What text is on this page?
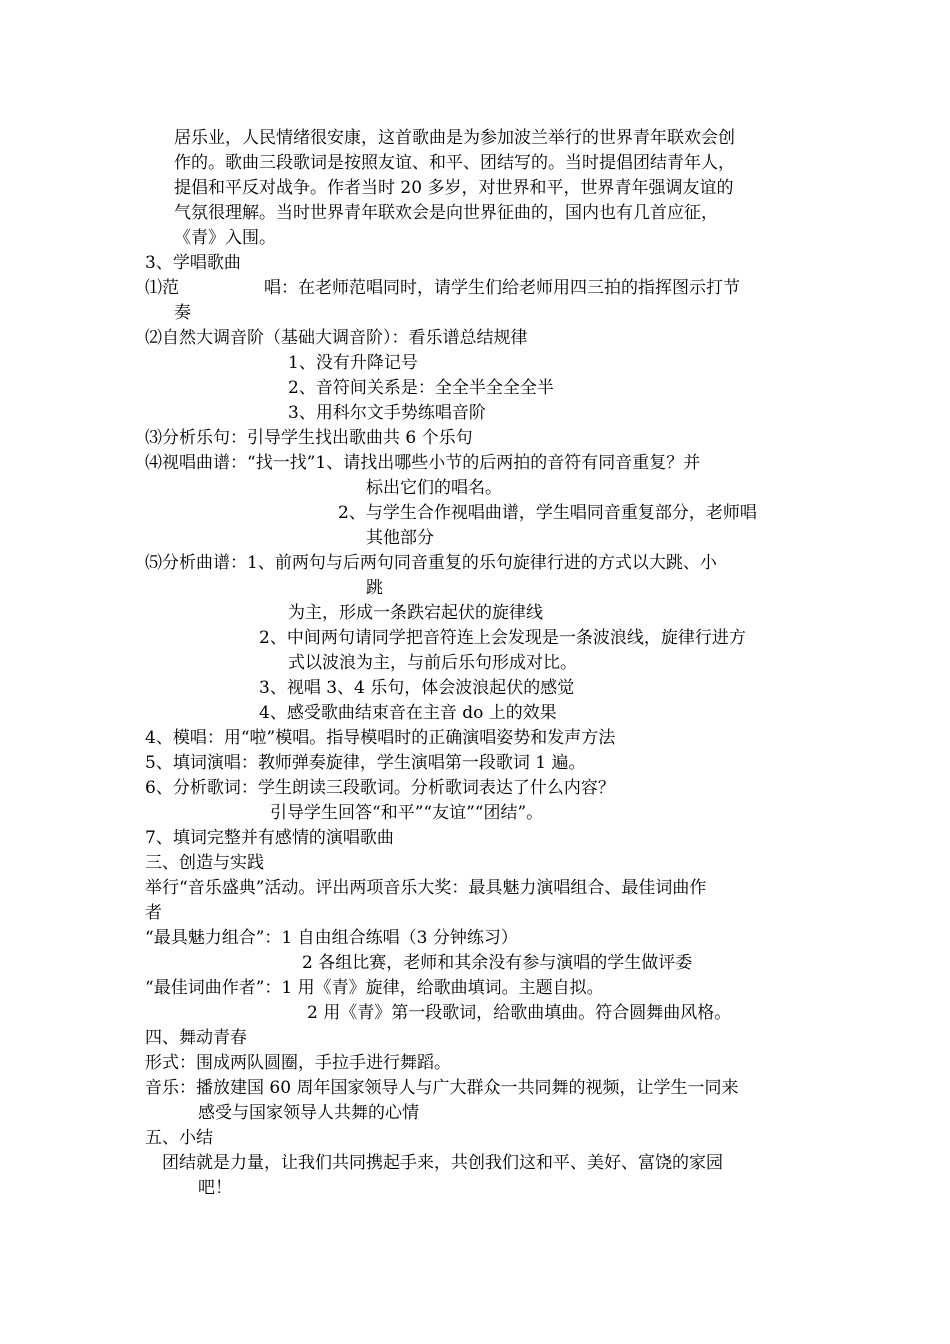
居乐业，人民情绪很安康，这首歌曲是为参加波兰举行的世界青年联欢会创
作的。歌曲三段歌词是按照友谊、和平、团结写的。当时提倡团结青年人，
提倡和平反对战争。作者当时 20 多岁，对世界和平，世界青年强调友谊的
气氛很理解。当时世界青年联欢会是向世界征曲的，国内也有几首应征，
《青》入围。
3、学唱歌曲
⑴范	唱：在老师范唱同时，请学生们给老师用四三拍的指挥图示打节
奏
⑵自然大调音阶（基础大调音阶）：看乐谱总结规律
1、没有升降记号
2、音符间关系是：全全半全全全半
3、用科尔文手势练唱音阶
⑶分析乐句：引导学生找出歌曲共 6 个乐句
⑷视唱曲谱：“找一找”1、请找出哪些小节的后两拍的音符有同音重复？并
标出它们的唱名。
2、与学生合作视唱曲谱，学生唱同音重复部分，老师唱
其他部分
⑸分析曲谱：1、前两句与后两句同音重复的乐句旋律行进的方式以大跳、小
跳
为主，形成一条跌宕起伏的旋律线
2、中间两句请同学把音符连上会发现是一条波浪线，旋律行进方
式以波浪为主，与前后乐句形成对比。
3、视唱 3、4 乐句，体会波浪起伏的感觉
4、感受歌曲结束音在主音 do 上的效果
4、模唱：用“啦”模唱。指导模唱时的正确演唱姿势和发声方法
5、填词演唱：教师弹奏旋律，学生演唱第一段歌词 1 遍。
6、分析歌词：学生朗读三段歌词。分析歌词表达了什么内容？
引导学生回答“和平”“友谊”“团结”。
7、填词完整并有感情的演唱歌曲
三、创造与实践
举行“音乐盛典”活动。评出两项音乐大奖：最具魅力演唱组合、最佳词曲作
者
“最具魅力组合”：1 自由组合练唱（3 分钟练习）
2 各组比赛，老师和其余没有参与演唱的学生做评委
“最佳词曲作者”：1 用《青》旋律，给歌曲填词。主题自拟。
2 用《青》第一段歌词，给歌曲填曲。符合圆舞曲风格。
四、舞动青春
形式：围成两队圆圈，手拉手进行舞蹈。
音乐：播放建国 60 周年国家领导人与广大群众一共同舞的视频，让学生一同来
感受与国家领导人共舞的心情
五、小结
团结就是力量，让我们共同携起手来，共创我们这和平、美好、富饶的家园
吧！
